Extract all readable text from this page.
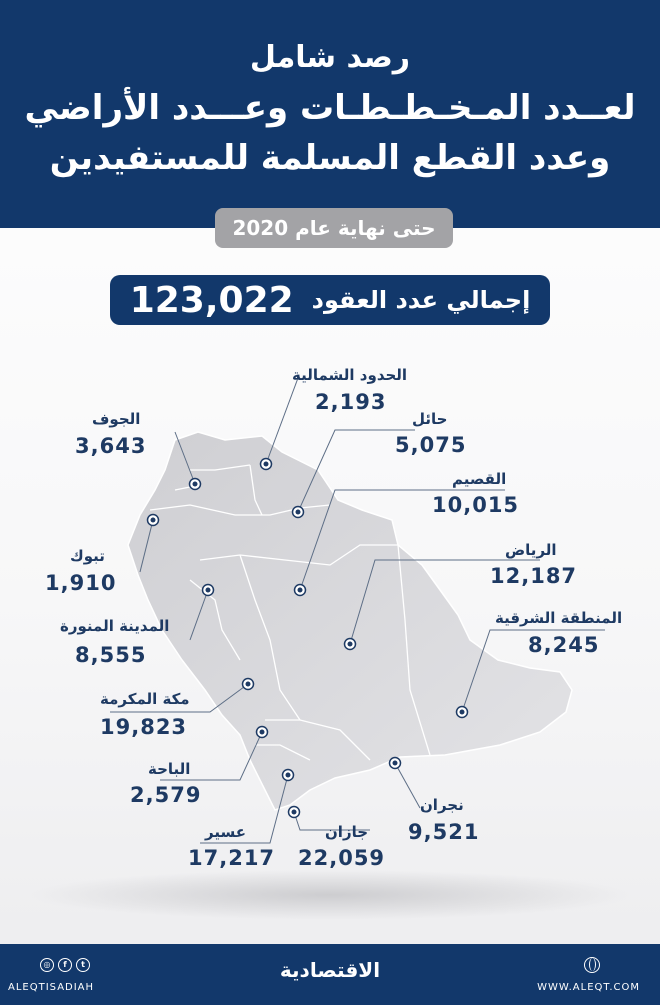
رصد شامل
لعــدد المـخـطـطـات وعـــدد الأراضي
وعدد القطع المسلمة للمستفيدين
حتى نهاية عام 2020
إجمالي عدد العقود
123,022
الحدود الشمالية
2,193
حائل
5,075
الجوف
3,643
القصيم
10,015
تبوك
1,910
الرياض
12,187
المدينة المنورة
8,555
المنطقة الشرقية
8,245
مكة المكرمة
19,823
الباحة
2,579	نجران
9,521
عسير
17,217
جازان
22,059
◎	f	t
ALEQTISADIAH
الاقتصادية
WWW.ALEQT.COM
